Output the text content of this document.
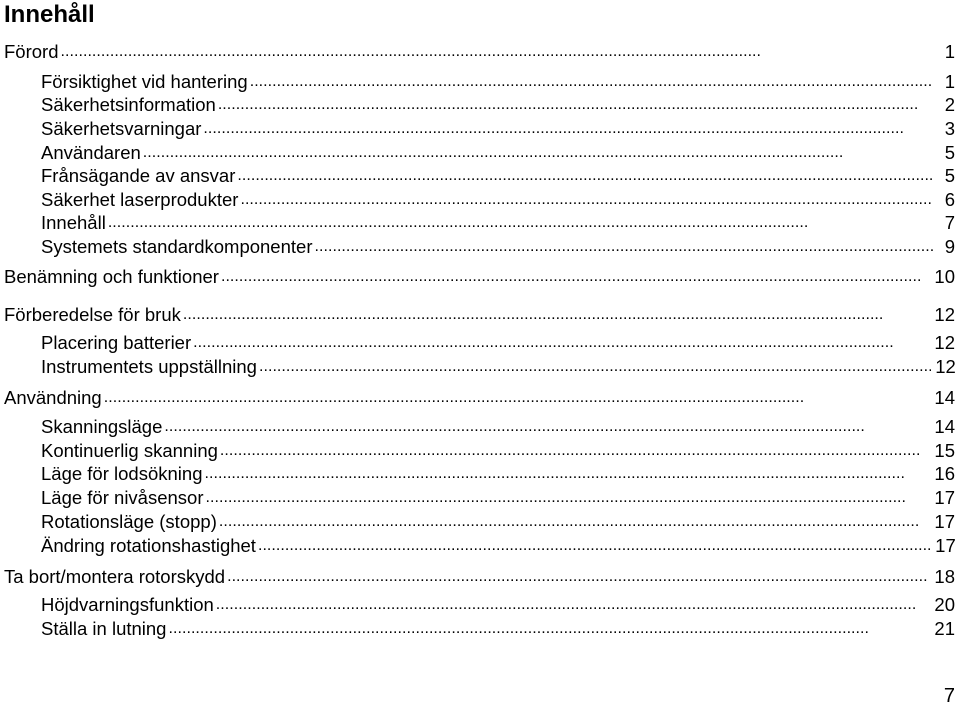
Innehåll
Förord . . .	1
Försiktighet vid hantering . . .	1
Säkerhetsinformation . . .	2
Säkerhetsvarningar . . .	3
Användaren . . .	5
Frånsägande av ansvar . . .	5
Säkerhet laserprodukter . . .	6
Innehåll . . .	7
Systemets standardkomponenter . . .	9
Benämning och funktioner . . .	10
Förberedelse för bruk . . .	12
Placering batterier . . .	12
Instrumentets uppställning . . .	12
Användning . . .	14
Skanningsläge . . .	14
Kontinuerlig skanning . . .	15
Läge för lodsökning . . .	16
Läge för nivåsensor . . .	17
Rotationsläge (stopp) . . .	17
Ändring rotationshastighet . . .	17
Ta bort/montera rotorskydd . . .	18
Höjdvarningsfunktion . . .	20
Ställa in lutning . . .	21
7
